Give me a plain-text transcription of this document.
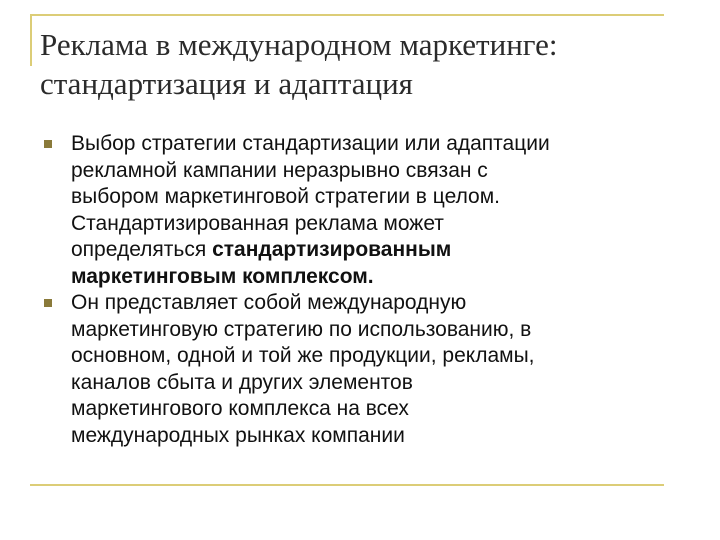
Реклама в международном маркетинге:
стандартизация и адаптация
Выбор стратегии стандартизации или адаптации
рекламной кампании неразрывно связан с
выбором маркетинговой стратегии в целом.
Стандартизированная реклама может
определяться стандартизированным
маркетинговым комплексом.
Он представляет собой международную
маркетинговую стратегию по использованию, в
основном, одной и той же продукции, рекламы,
каналов сбыта и других элементов
маркетингового комплекса на всех
международных рынках компании
